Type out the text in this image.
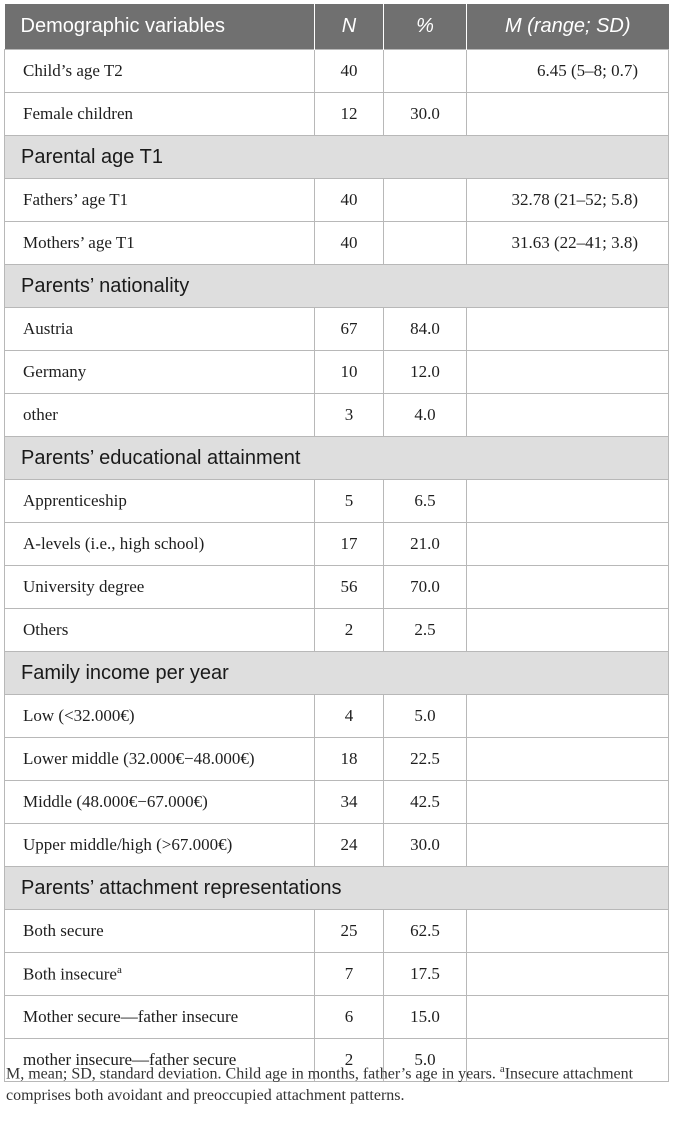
Demographic variables	N	%	M (range; SD)
Child’s age T2	40		6.45 (5–8; 0.7)
Female children	12	30.0	
Parental age T1			
Fathers’ age T1	40		32.78 (21–52; 5.8)
Mothers’ age T1	40		31.63 (22–41; 3.8)
Parents’ nationality			
Austria	67	84.0	
Germany	10	12.0	
other	3	4.0	
Parents’ educational attainment			
Apprenticeship	5	6.5	
A-levels (i.e., high school)	17	21.0	
University degree	56	70.0	
Others	2	2.5	
Family income per year			
Low (<32.000€)	4	5.0	
Lower middle (32.000€−48.000€)	18	22.5	
Middle (48.000€−67.000€)	34	42.5	
Upper middle/high (>67.000€)	24	30.0	
Parents’ attachment representations			
Both secure	25	62.5	
Both insecure$^a$	7	17.5	
Mother secure—father insecure	6	15.0	
mother insecure—father secure	2	5.0	
M, mean; SD, standard deviation. Child age in months, father’s age in years. $^a$Insecure attachment comprises both avoidant and preoccupied attachment patterns.
